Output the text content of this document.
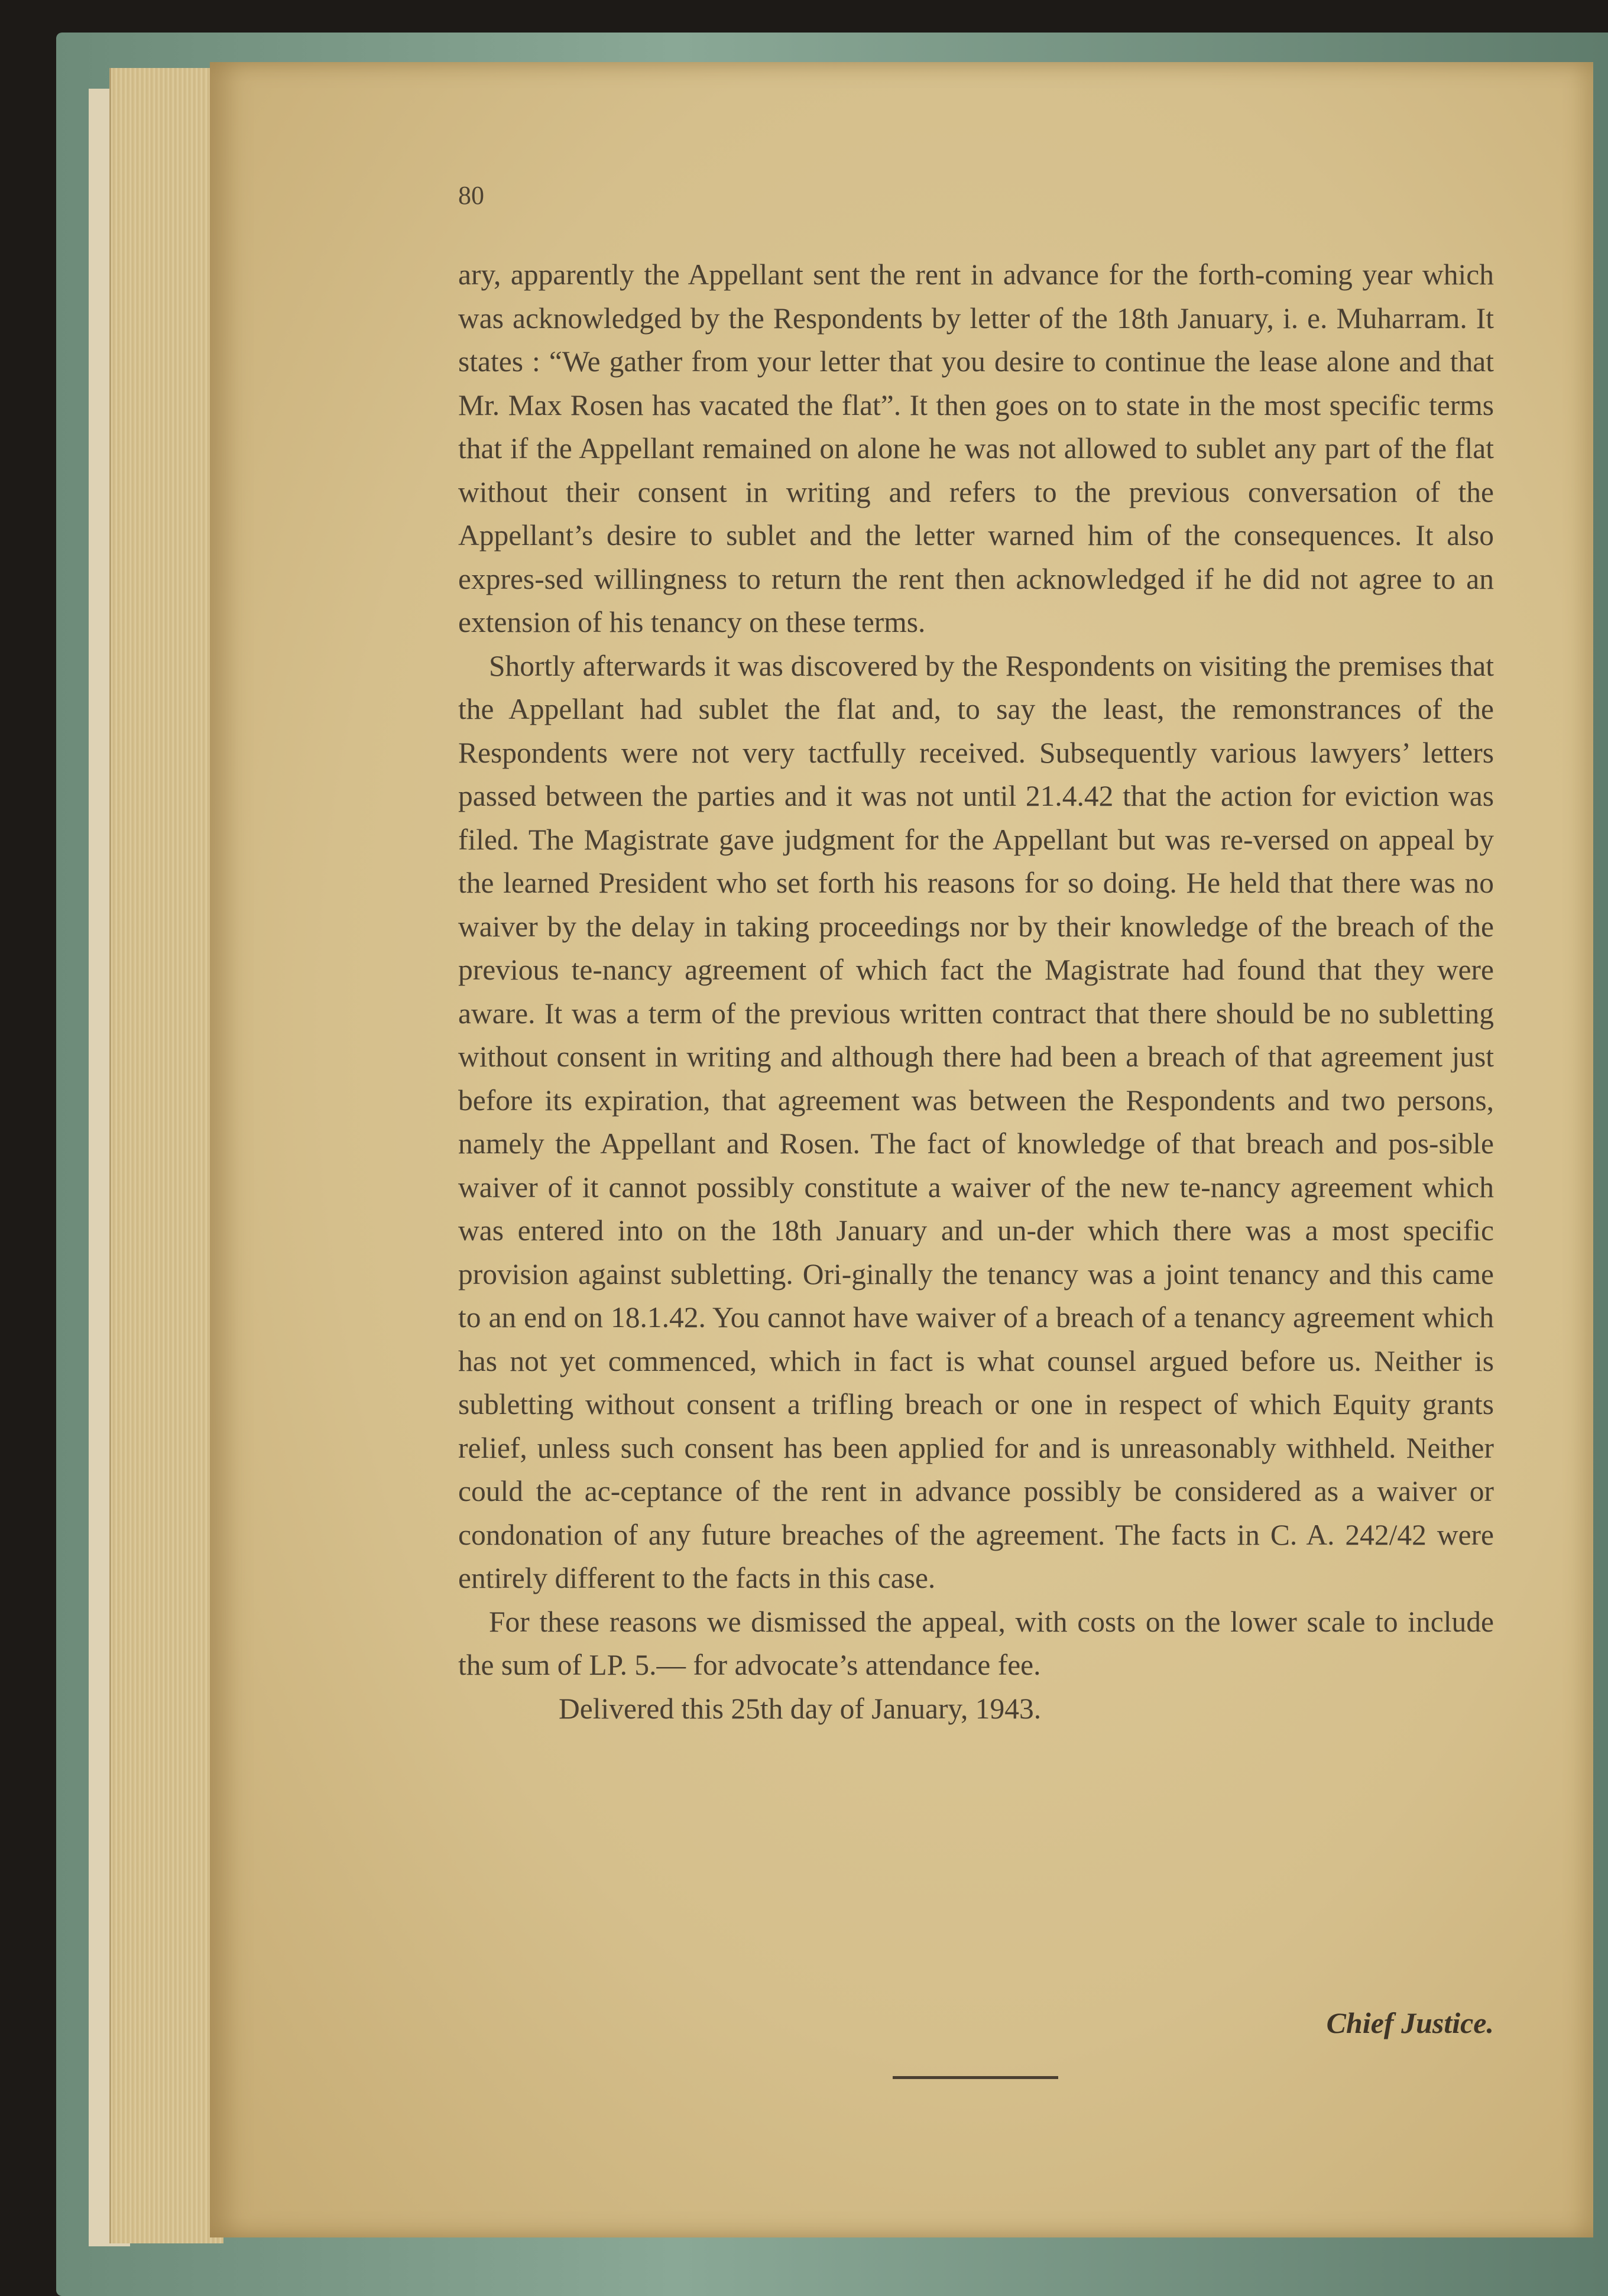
80

ary, apparently the Appellant sent the rent in advance for the forth-coming year which was acknowledged by the Respondents by letter of the 18th January, i. e. Muharram. It states : “We gather from your letter that you desire to continue the lease alone and that Mr. Max Rosen has vacated the flat”. It then goes on to state in the most specific terms that if the Appellant remained on alone he was not allowed to sublet any part of the flat without their consent in writing and refers to the previous conversation of the Appellant’s desire to sublet and the letter warned him of the consequences. It also expres-sed willingness to return the rent then acknowledged if he did not agree to an extension of his tenancy on these terms.

Shortly afterwards it was discovered by the Respondents on visiting the premises that the Appellant had sublet the flat and, to say the least, the remonstrances of the Respondents were not very tactfully received. Subsequently various lawyers’ letters passed between the parties and it was not until 21.4.42 that the action for eviction was filed. The Magistrate gave judgment for the Appellant but was re-versed on appeal by the learned President who set forth his reasons for so doing. He held that there was no waiver by the delay in taking proceedings nor by their knowledge of the breach of the previous te-nancy agreement of which fact the Magistrate had found that they were aware. It was a term of the previous written contract that there should be no subletting without consent in writing and although there had been a breach of that agreement just before its expiration, that agreement was between the Respondents and two persons, namely the Appellant and Rosen. The fact of knowledge of that breach and pos-sible waiver of it cannot possibly constitute a waiver of the new te-nancy agreement which was entered into on the 18th January and un-der which there was a most specific provision against subletting. Ori-ginally the tenancy was a joint tenancy and this came to an end on 18.1.42. You cannot have waiver of a breach of a tenancy agreement which has not yet commenced, which in fact is what counsel argued before us. Neither is subletting without consent a trifling breach or one in respect of which Equity grants relief, unless such consent has been applied for and is unreasonably withheld. Neither could the ac-ceptance of the rent in advance possibly be considered as a waiver or condonation of any future breaches of the agreement. The facts in C. A. 242/42 were entirely different to the facts in this case.

For these reasons we dismissed the appeal, with costs on the lower scale to include the sum of LP. 5.— for advocate’s attendance fee.

Delivered this 25th day of January, 1943.

Chief Justice.
